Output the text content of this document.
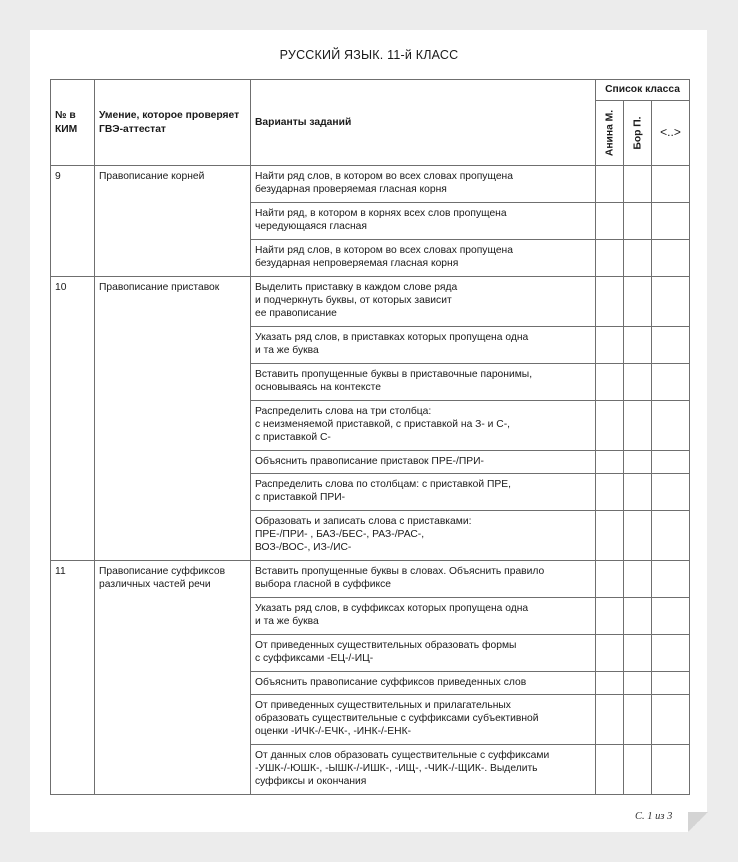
РУССКИЙ ЯЗЫК. 11-й КЛАСС
№ в КИМ	Умение, которое проверяет ГВЭ-аттестат	Варианты заданий	Список класса		

			Анина М.	Бор П.	<..>
9	Правописание корней	Найти ряд слов, в котором во всех словах пропущена
безударная проверяемая гласная корня			
		Найти ряд, в котором в корнях всех слов пропущена
чередующаяся гласная			
		Найти ряд слов, в котором во всех словах пропущена
безударная непроверяемая гласная корня			
10	Правописание приставок	Выделить приставку в каждом слове ряда
и подчеркнуть буквы, от которых зависит
ее правописание			
		Указать ряд слов, в приставках которых пропущена одна
и та же буква			
		Вставить пропущенные буквы в приставочные паронимы,
основываясь на контексте			
		Распределить слова на три столбца:
с неизменяемой приставкой, с приставкой на З- и С-,
с приставкой С-			
		Объяснить правописание приставок ПРЕ-/ПРИ-			
		Распределить слова по столбцам: с приставкой ПРЕ,
с приставкой ПРИ-			
		Образовать и записать слова с приставками:
ПРЕ-/ПРИ- , БАЗ-/БЕС-, РАЗ-/РАС-,
ВОЗ-/ВОС-, ИЗ-/ИС-			
11	Правописание суффиксов
различных частей речи	Вставить пропущенные буквы в словах. Объяснить правило
выбора гласной в суффиксе			
		Указать ряд слов, в суффиксах которых пропущена одна
и та же буква			
		От приведенных существительных образовать формы
с суффиксами -ЕЦ-/-ИЦ-			
		Объяснить правописание суффиксов приведенных слов			
		От приведенных существительных и прилагательных
образовать существительные с суффиксами субъективной
оценки -ИЧК-/-ЕЧК-, -ИНК-/-ЕНК-			
		От данных слов образовать существительные с суффиксами
-УШК-/-ЮШК-, -ЫШК-/-ИШК-, -ИЩ-, -ЧИК-/-ЩИК-. Выделить
суффиксы и окончания			
С. 1 из 3
